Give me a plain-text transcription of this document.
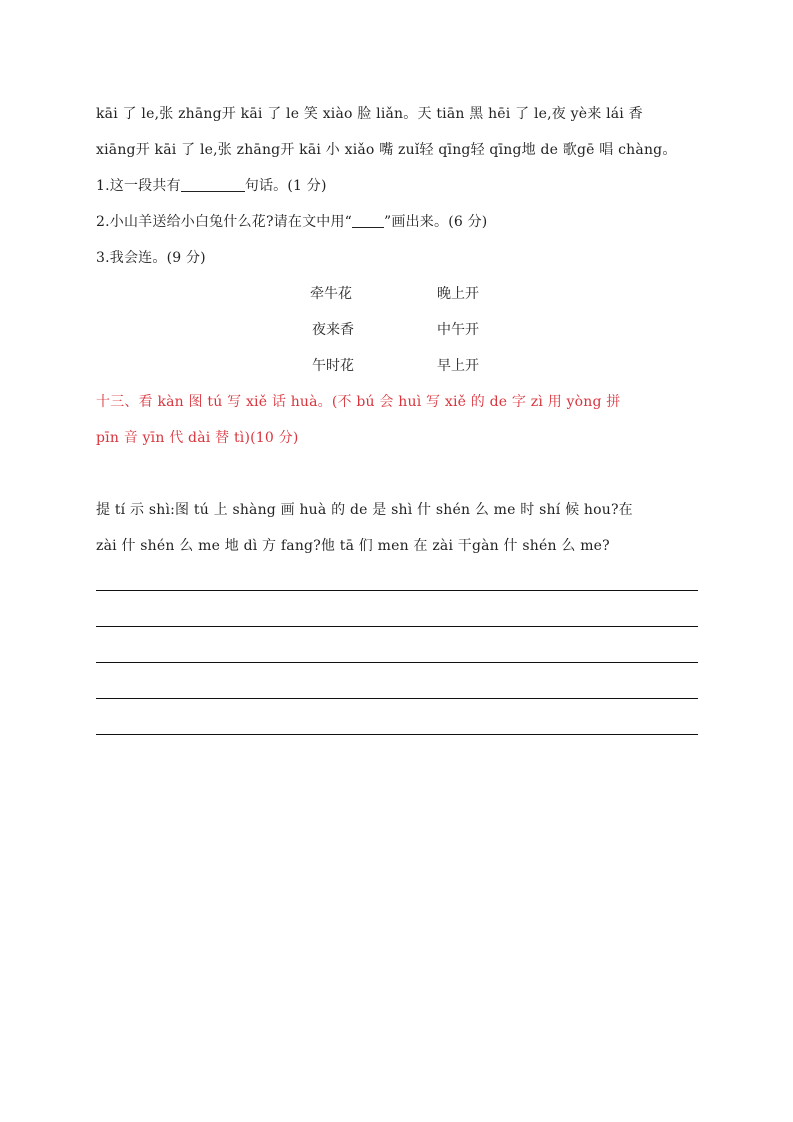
kāi 了 le,张 zhāng开 kāi 了 le 笑 xiào 脸 liǎn。天 tiān 黑 hēi 了 le,夜 yè来 lái 香
xiāng开 kāi 了 le,张 zhāng开 kāi 小 xiǎo 嘴 zuǐ轻 qīng轻 qīng地 de 歌gē 唱 chàng。
1.这一段共有	句话。(1 分)
2.小山羊送给小白兔什么花?请在文中用“ ”画出来。(6 分)
3.我会连。(9 分)
牵牛花
夜来香
午时花
晚上开
中午开
早上开
十三、看 kàn 图 tú 写 xiě 话 huà。(不 bú 会 huì 写 xiě 的 de 字 zì 用 yòng 拼
pīn 音 yīn 代 dài 替 tì)(10 分)
提 tí 示 shì:图 tú 上 shàng 画 huà 的 de 是 shì 什 shén 么 me 时 shí 候 hou?在
zài 什 shén 么 me 地 dì 方 fang?他 tā 们 men 在 zài 干gàn 什 shén 么 me?
